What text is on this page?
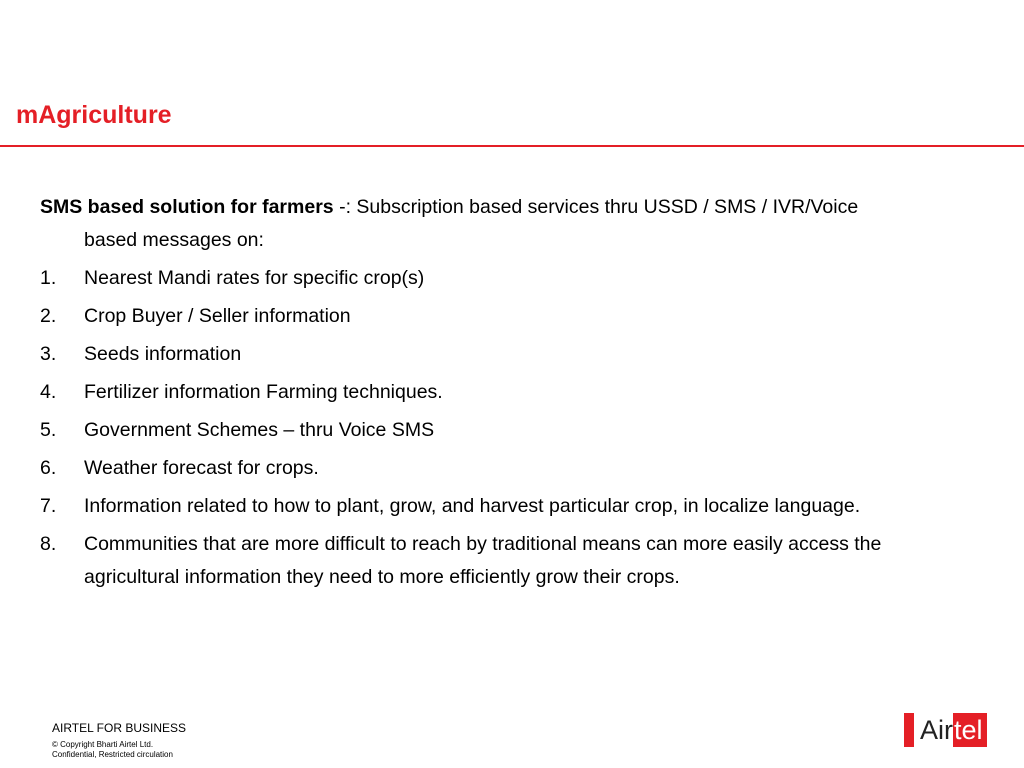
mAgriculture

SMS based solution for farmers -: Subscription based services thru USSD / SMS / IVR/Voice based messages on:

1.	Nearest Mandi rates for specific crop(s)
2.	Crop Buyer / Seller information
3.	Seeds information
4.	Fertilizer information Farming techniques.
5.	Government Schemes – thru Voice SMS
6.	Weather forecast for crops.
7.	Information related to how to plant, grow, and harvest particular crop, in localize language.
8.	Communities that are more difficult to reach by traditional means can more easily access the agricultural information they need to more efficiently grow their crops.
AIRTEL FOR BUSINESS
© Copyright Bharti Airtel Ltd.
Confidential, Restricted circulation
Air tel
